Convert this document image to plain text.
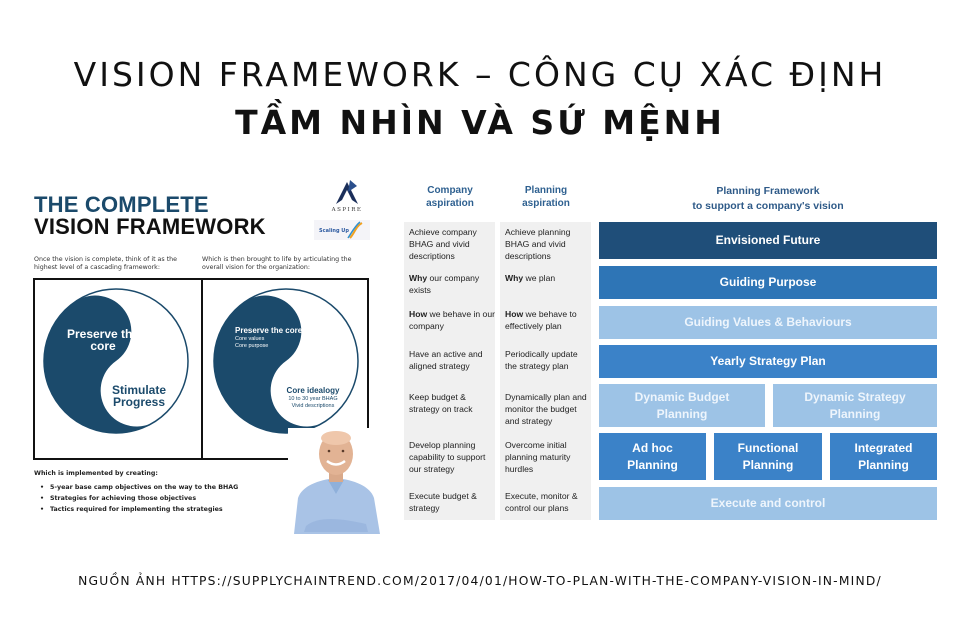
VISION FRAMEWORK – CÔNG CỤ XÁC ĐỊNH
TẦM NHÌN VÀ SỨ MỆNH
THE COMPLETE
VISION FRAMEWORK
ASPIRE
Scaling Up
Once the vision is complete, think of it as the highest level of a cascading framework:
Which is then brought to life by articulating the overall vision for the organization:
Preserve the core
Stimulate Progress
Preserve the core
Core values
Core purpose
Core idealogy
10 to 30 year BHAG
Vivid descriptions
Which is implemented by creating:
• 5-year base camp objectives on the way to the BHAG
• Strategies for achieving those objectives
• Tactics required for implementing the strategies
Company aspiration
Planning aspiration
Achieve company BHAG and vivid descriptions
Why our company exists
How we behave in our company
Have an active and aligned strategy
Keep budget & strategy on track
Develop planning capability to support our strategy
Execute budget & strategy
Achieve planning BHAG and vivid descriptions
Why we plan
How we behave to effectively plan
Periodically update the strategy plan
Dynamically plan and monitor the budget and strategy
Overcome initial planning maturity hurdles
Execute, monitor & control our plans
Planning Framework
to support a company's vision
Envisioned Future
Guiding Purpose
Guiding Values & Behaviours
Yearly Strategy Plan
Dynamic Budget Planning
Dynamic Strategy Planning
Ad hoc Planning
Functional Planning
Integrated Planning
Execute and control
NGUỒN ẢNH HTTPS://SUPPLYCHAINTREND.COM/2017/04/01/HOW-TO-PLAN-WITH-THE-COMPANY-VISION-IN-MIND/
